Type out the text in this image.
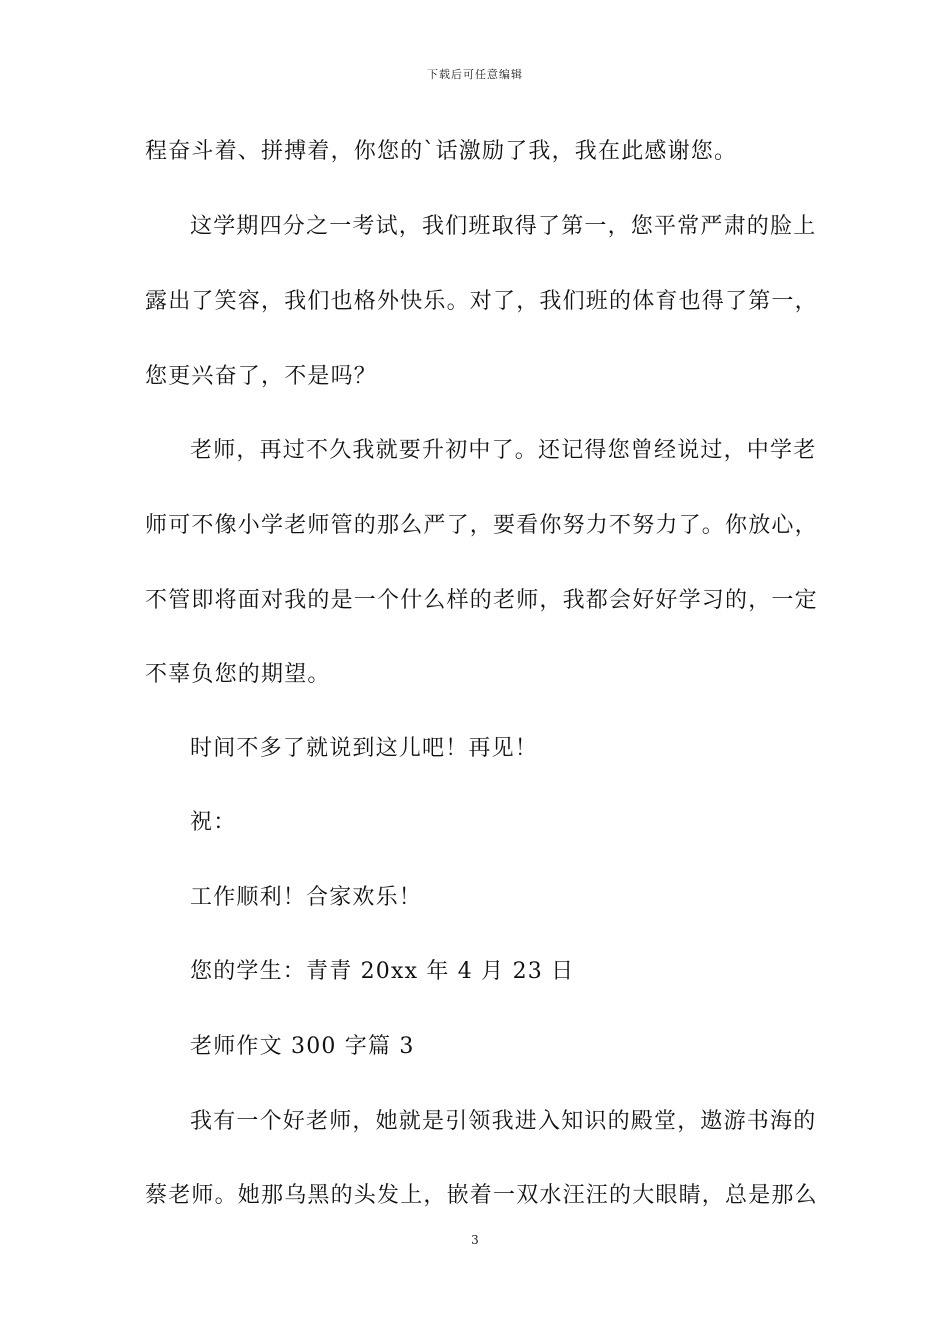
下载后可任意编辑
程奋斗着、拼搏着，你您的`话激励了我，我在此感谢您。
这学期四分之一考试，我们班取得了第一，您平常严肃的脸上
露出了笑容，我们也格外快乐。对了，我们班的体育也得了第一，
您更兴奋了，不是吗？
老师，再过不久我就要升初中了。还记得您曾经说过，中学老
师可不像小学老师管的那么严了，要看你努力不努力了。你放心，
不管即将面对我的是一个什么样的老师，我都会好好学习的，一定
不辜负您的期望。
时间不多了就说到这儿吧！再见！
祝：
工作顺利！合家欢乐！
您的学生：青青 20xx 年 4 月 23 日
老师作文 300 字篇 3
我有一个好老师，她就是引领我进入知识的殿堂，遨游书海的
蔡老师。她那乌黑的头发上，嵌着一双水汪汪的大眼睛，总是那么
3
